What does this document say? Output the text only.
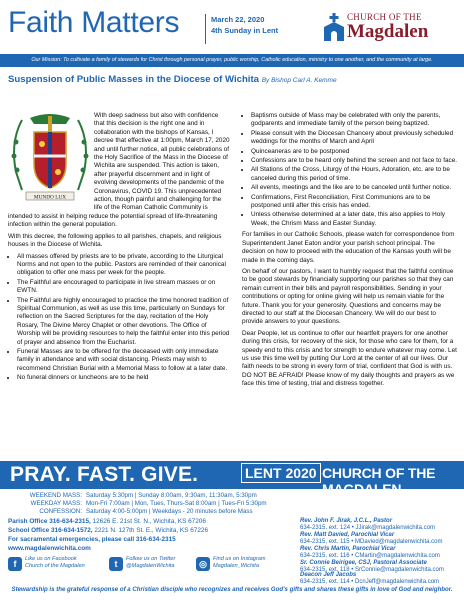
Faith Matters	March 22, 2020
4th Sunday in Lent
CHURCH OF THE
Magdalen
Our Mission: To cultivate a family of stewards for Christ through personal prayer, public worship, Catholic education, ministry to one another, and the community at large.
Suspension of Public Masses in the Diocese of Wichita By Bishop Carl A. Kemme
MUNDO LUX

With deep sadness but also with confidence that this decision is the right one and in collaboration with the bishops of Kansas, I decree that effective at 1:00pm, March 17, 2020 and until further notice, all public celebrations of the Holy Sacrifice of the Mass in the Diocese of Wichita are suspended. This action is taken, after prayerful discernment and in light of evolving developments of the pandemic of the Coronavirus, COVID 19. This unprecedented action, though painful and challenging for the life of the Roman Catholic Community is intended to assist in helping reduce the potential spread of life-threatening infection within the general population.

With this decree, the following applies to all parishes, chapels, and religious houses in the Diocese of Wichita.

• All masses offered by priests are to be private, according to the Liturgical Norms and not open to the public. Pastors are reminded of their canonical obligation to offer one mass per week for the people.
• The Faithful are encouraged to participate in live stream masses or on EWTN.
• The Faithful are highly encouraged to practice the time honored tradition of Spiritual Communion, as well as use this time, particularly on Sundays for reflection on the Sacred Scriptures for the day, recitation of the Holy Rosary, The Divine Mercy Chaplet or other devotions. The Office of Worship will be providing resources to help the faithful enter into this period of prayer and absence from the Eucharist.
• Funeral Masses are to be offered for the deceased with only immediate family in attendance and with social distancing. Priests may wish to recommend Christian Burial with a Memorial Mass to follow at a later date.
• No funeral dinners or luncheons are to be held
• Baptisms outside of Mass may be celebrated with only the parents, godparents and immediate family of the person being baptized.
• Please consult with the Diocesan Chancery about previously scheduled weddings for the months of March and April
• Quinceaneras are to be postponed
• Confessions are to be heard only behind the screen and not face to face.
• All Stations of the Cross, Liturgy of the Hours, Adoration, etc. are to be canceled during this period of time.
• All events, meetings and the like are to be canceled until further notice.
• Confirmations, First Reconciliation, First Communions are to be postponed until after this crisis has ended.
• Unless otherwise determined at a later date, this also applies to Holy Week, the Chrism Mass and Easter Sunday.

For families in our Catholic Schools, please watch for correspondence from Superintendent Janet Eaton and/or your parish school principal. The decision on how to proceed with the education of the Kansas youth will be made in the coming days.

On behalf of our pastors, I want to humbly request that the faithful continue to be good stewards by financially supporting our parishes so that they can remain current in their bills and payroll responsibilities. Sending in your contributions or opting for online giving will help us remain viable for the future. Thank you for your generosity. Questions and concerns may be directed to our staff at the Diocesan Chancery. We will do our best to provide answers to your questions.

Dear People, let us continue to offer our heartfelt prayers for one another during this crisis, for recovery of the sick, for those who care for them, for a speedy end to this crisis and for strength to endure whatever may come. Let us use this time well by putting Our Lord at the center of all our lives. Our faith needs to be strong in every form of trial, confident that God is with us. DO NOT BE AFRAID! Please know of my daily thoughts and prayers as we face this time of testing, trial and distress together.

PRAY. FAST. GIVE.	LENT 2020 CHURCH OF THE MAGDALEN
WEEKEND MASS: Saturday 5:30pm | Sunday 8:00am, 9:30am, 11:30am, 5:30pm
WEEKDAY MASS: Mon-Fri 7:00am | Mon, Tues, Thurs-Sat 8:00am | Tues-Fri 5:30pm
CONFESSION: Saturday 4:00-5:00pm | Weekdays - 20 minutes before Mass
Parish Office 316-634-2315, 12626 E. 21st St. N., Wichita, KS 67206
School Office 316-634-1572, 2221 N. 127th St. E., Wichita, KS 67226
For sacramental emergencies, please call 316-634-2315
www.magdalenwichita.com
f	Like us on Facebook
Church of the Magdalen	t	Follow us on Twitter
@MagdalenWichita	◎	Find us on Instagram
Magdalen_Wichita
Rev. John F. Jirak, J.C.L., Pastor
634-2315, ext. 124 • JJirak@magdalenwichita.com
Rev. Matt Davied, Parochial Vicar
634-2315, ext. 115 • MDavied@magdalenwichita.com
Rev. Chris Martin, Parochial Vicar
634-2315, ext. 116 • CMartin@magdalenwichita.com
Sr. Connie Beirigee, CSJ, Pastoral Associate
634-2315, ext. 118 • SrConnie@magdalenwichita.com
Deacon Jeff Jacobs
634-2315, ext. 114 • DcnJeff@magdalenwichita.com
Stewardship is the grateful response of a Christian disciple who recognizes and receives God's gifts and shares these gifts in love of God and neighbor.
